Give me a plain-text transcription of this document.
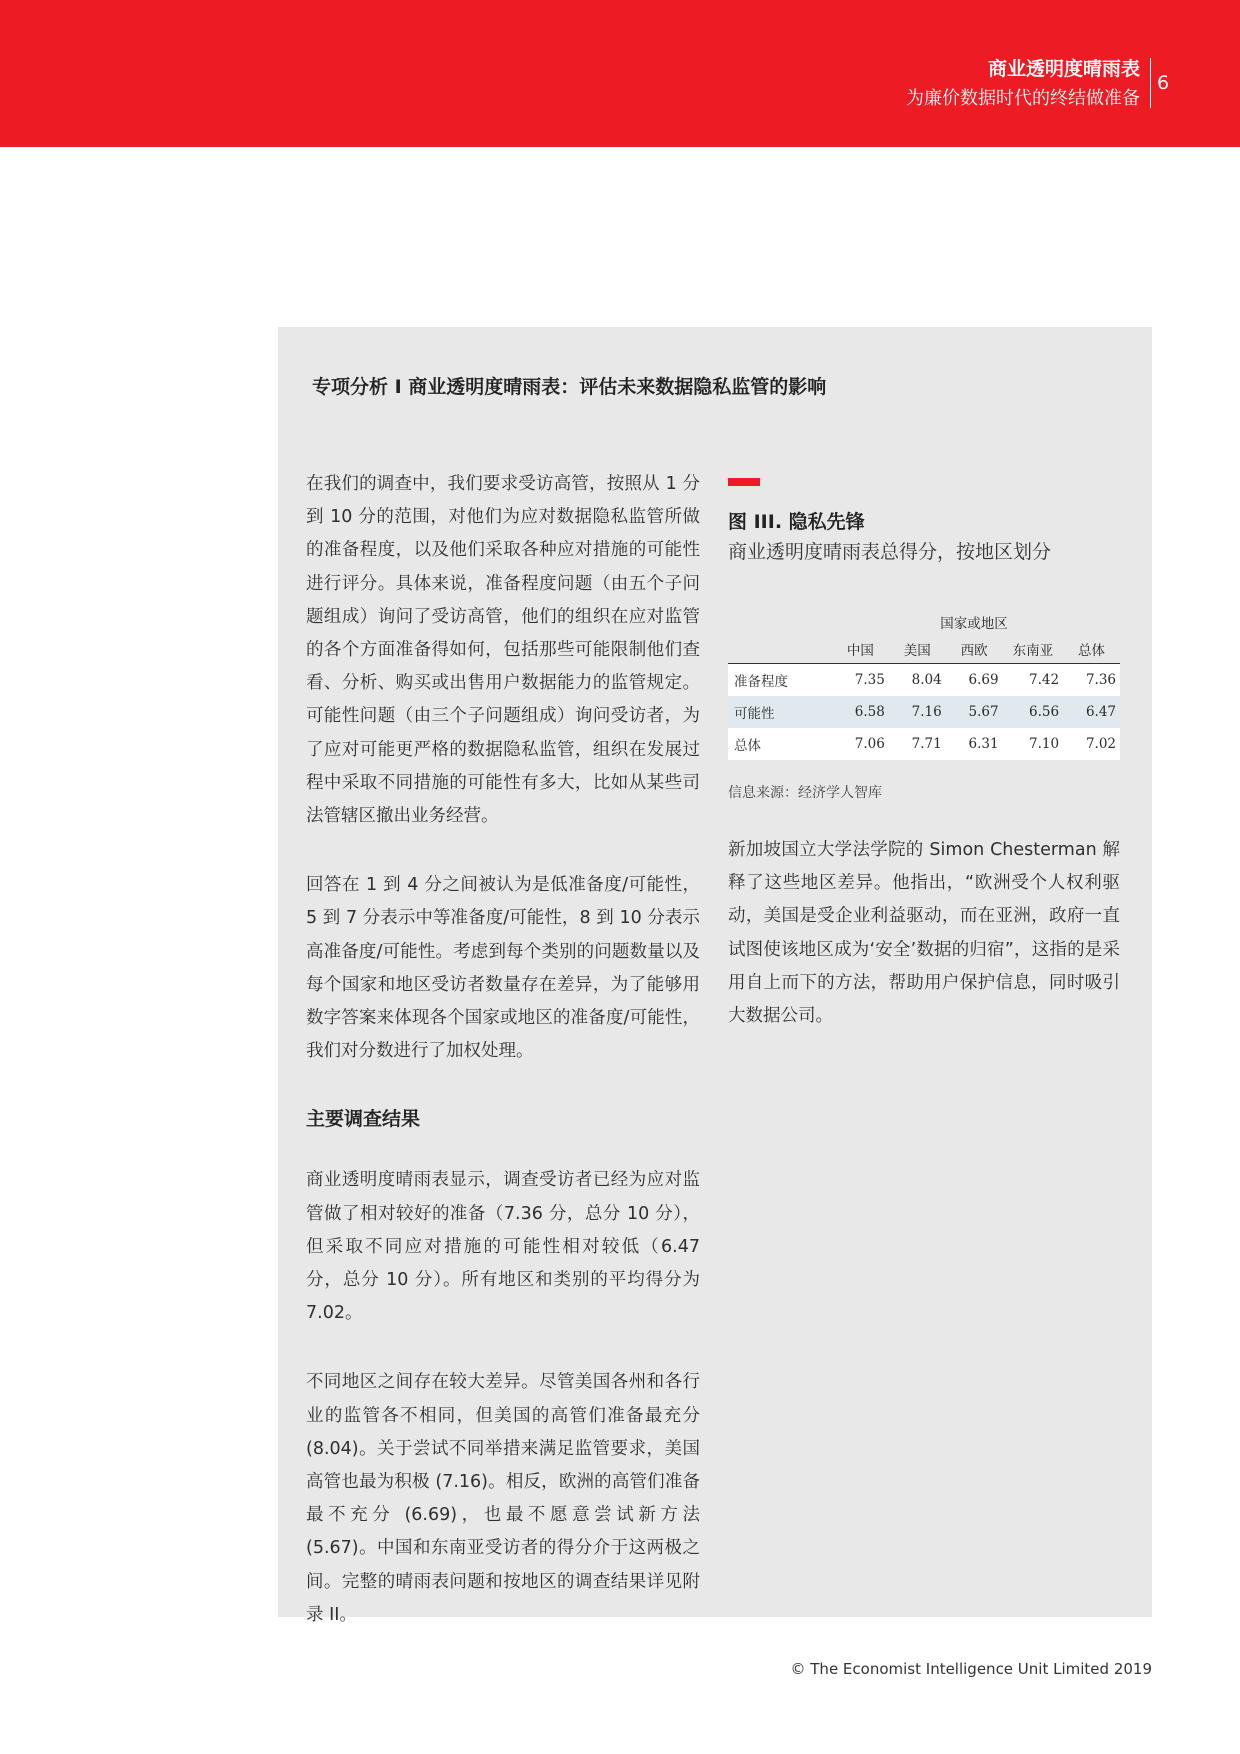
商业透明度晴雨表
为廉价数据时代的终结做准备
6
专项分析 I 商业透明度晴雨表：评估未来数据隐私监管的影响

在我们的调查中，我们要求受访高管，按照从 1 分到 10 分的范围，对他们为应对数据隐私监管所做的准备程度，以及他们采取各种应对措施的可能性进行评分。具体来说，准备程度问题（由五个子问题组成）询问了受访高管，他们的组织在应对监管的各个方面准备得如何，包括那些可能限制他们查看、分析、购买或出售用户数据能力的监管规定。可能性问题（由三个子问题组成）询问受访者，为了应对可能更严格的数据隐私监管，组织在发展过程中采取不同措施的可能性有多大，比如从某些司法管辖区撤出业务经营。

回答在 1 到 4 分之间被认为是低准备度/可能性，5 到 7 分表示中等准备度/可能性，8 到 10 分表示高准备度/可能性。考虑到每个类别的问题数量以及每个国家和地区受访者数量存在差异，为了能够用数字答案来体现各个国家或地区的准备度/可能性，我们对分数进行了加权处理。

主要调查结果

商业透明度晴雨表显示，调查受访者已经为应对监管做了相对较好的准备（7.36 分，总分 10 分），但采取不同应对措施的可能性相对较低（6.47 分，总分 10 分）。所有地区和类别的平均得分为 7.02。

不同地区之间存在较大差异。尽管美国各州和各行业的监管各不相同，但美国的高管们准备最充分(8.04)。关于尝试不同举措来满足监管要求，美国高管也最为积极 (7.16)。相反，欧洲的高管们准备最不充分 (6.69)，也最不愿意尝试新方法 (5.67)。中国和东南亚受访者的得分介于这两极之间。完整的晴雨表问题和按地区的调查结果详见附录 II。

图 III. 隐私先锋
商业透明度晴雨表总得分，按地区划分
国家或地区					
	中国	美国	西欧	东南亚	总体
准备程度	7.35	8.04	6.69	7.42	7.36
可能性	6.58	7.16	5.67	6.56	6.47
总体	7.06	7.71	6.31	7.10	7.02
信息来源：经济学人智库

新加坡国立大学法学院的 Simon Chesterman 解释了这些地区差异。他指出，“欧洲受个人权利驱动，美国是受企业利益驱动，而在亚洲，政府一直试图使该地区成为‘安全’数据的归宿”，这指的是采用自上而下的方法，帮助用户保护信息，同时吸引大数据公司。

© The Economist Intelligence Unit Limited 2019
